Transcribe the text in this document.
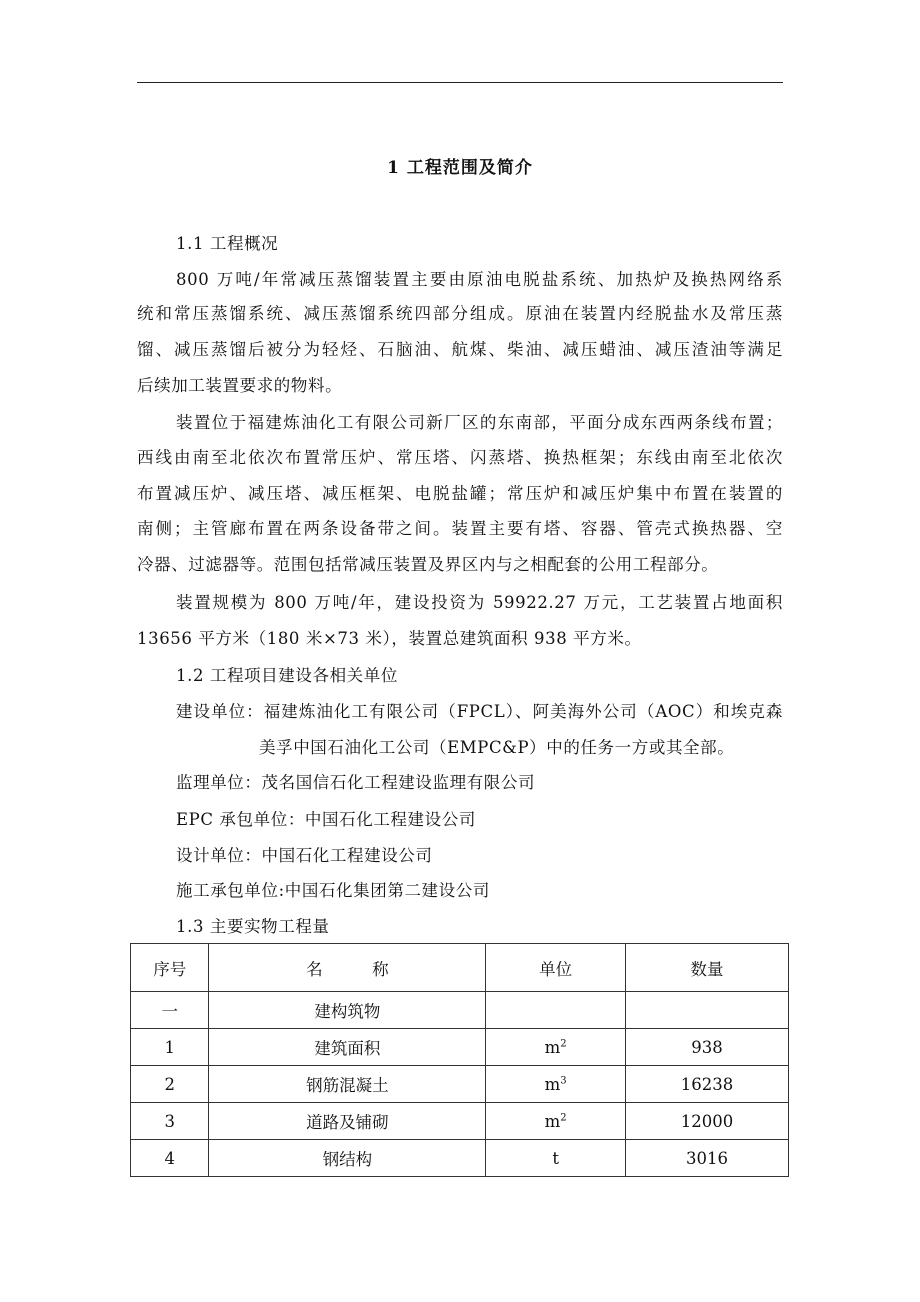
1 工程范围及简介
1.1 工程概况
800 万吨/年常减压蒸馏装置主要由原油电脱盐系统、加热炉及换热网络系
统和常压蒸馏系统、减压蒸馏系统四部分组成。原油在装置内经脱盐水及常压蒸
馏、减压蒸馏后被分为轻烃、石脑油、航煤、柴油、减压蜡油、减压渣油等满足
后续加工装置要求的物料。
装置位于福建炼油化工有限公司新厂区的东南部，平面分成东西两条线布置；
西线由南至北依次布置常压炉、常压塔、闪蒸塔、换热框架；东线由南至北依次
布置减压炉、减压塔、减压框架、电脱盐罐；常压炉和减压炉集中布置在装置的
南侧；主管廊布置在两条设备带之间。装置主要有塔、容器、管壳式换热器、空
冷器、过滤器等。范围包括常减压装置及界区内与之相配套的公用工程部分。
装置规模为 800 万吨/年，建设投资为 59922.27 万元，工艺装置占地面积
13656 平方米（180 米×73 米），装置总建筑面积 938 平方米。
1.2 工程项目建设各相关单位
建设单位：福建炼油化工有限公司（FPCL）、阿美海外公司（AOC）和埃克森
美孚中国石油化工公司（EMPC&P）中的任务一方或其全部。
监理单位：茂名国信石化工程建设监理有限公司
EPC 承包单位：中国石化工程建设公司
设计单位：中国石化工程建设公司
施工承包单位:中国石化集团第二建设公司
1.3 主要实物工程量
序号	名　　　称	单位	数量
一	建构筑物		
1	建筑面积	$m^2$	938
2	钢筋混凝土	$m^3$	16238
3	道路及铺砌	$m^2$	12000
4	钢结构	t	3016
